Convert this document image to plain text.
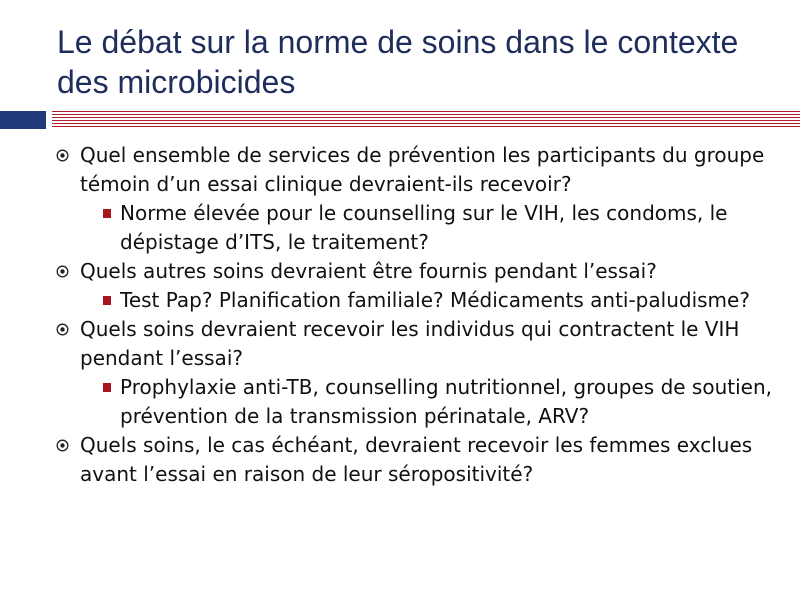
Le débat sur la norme de soins dans le contexte des microbicides
Quel ensemble de services de prévention les participants du groupe témoin d’un essai clinique devraient-ils recevoir?
Norme élevée pour le counselling sur le VIH, les condoms, le dépistage d’ITS, le traitement?
Quels autres soins devraient être fournis pendant l’essai?
Test Pap? Planification familiale? Médicaments anti-paludisme?
Quels soins devraient recevoir les individus qui contractent le VIH pendant l’essai?
Prophylaxie anti-TB, counselling nutritionnel, groupes de soutien, prévention de la transmission périnatale, ARV?
Quels soins, le cas échéant, devraient recevoir les femmes exclues avant l’essai en raison de leur séropositivité?
